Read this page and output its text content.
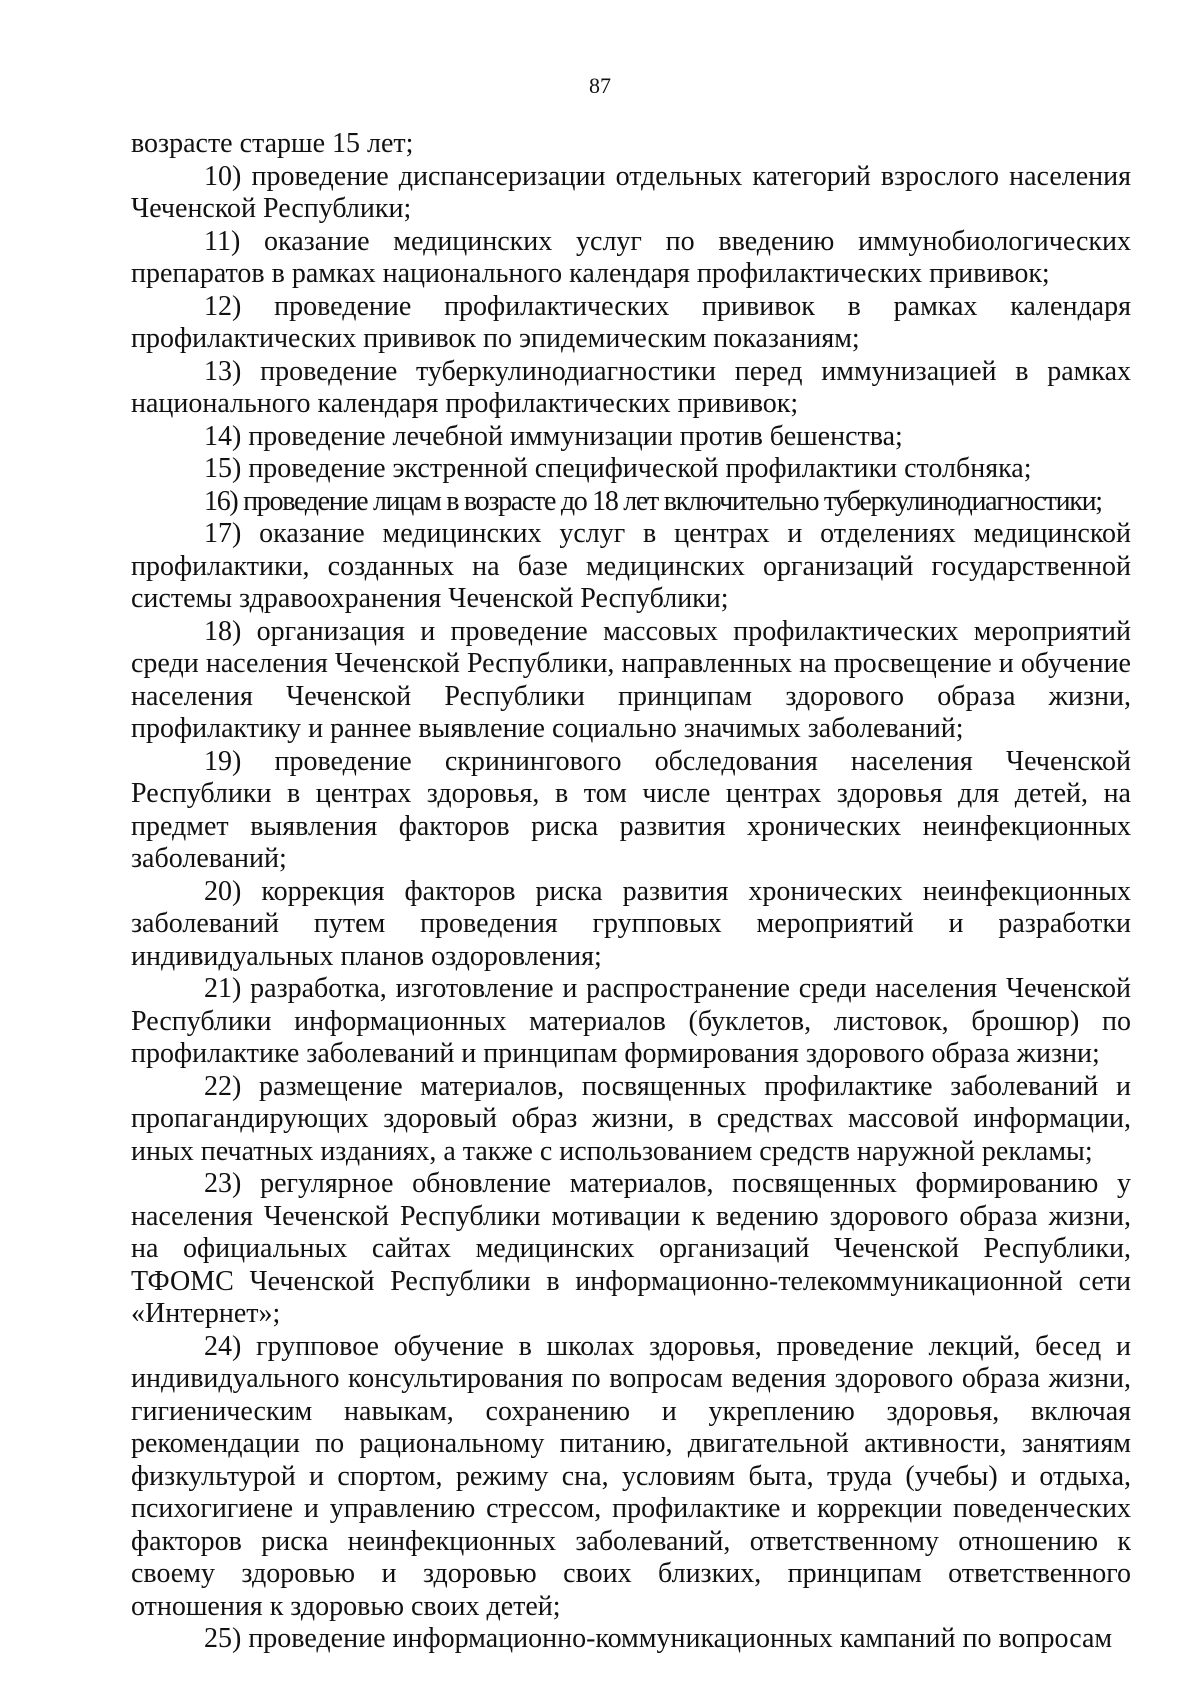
87

возрасте старше 15 лет;

10) проведение диспансеризации отдельных категорий взрослого населения Чеченской Республики;

11) оказание медицинских услуг по введению иммунобиологических препаратов в рамках национального календаря профилактических прививок;

12) проведение профилактических прививок в рамках календаря профилактических прививок по эпидемическим показаниям;

13) проведение туберкулинодиагностики перед иммунизацией в рамках национального календаря профилактических прививок;

14) проведение лечебной иммунизации против бешенства;

15) проведение экстренной специфической профилактики столбняка;

16) проведение лицам в возрасте до 18 лет включительно туберкулинодиагностики;

17) оказание медицинских услуг в центрах и отделениях медицинской профилактики, созданных на базе медицинских организаций государственной системы здравоохранения Чеченской Республики;

18) организация и проведение массовых профилактических мероприятий среди населения Чеченской Республики, направленных на просвещение и обучение населения Чеченской Республики принципам здорового образа жизни, профилактику и раннее выявление социально значимых заболеваний;

19) проведение скринингового обследования населения Чеченской Республики в центрах здоровья, в том числе центрах здоровья для детей, на предмет выявления факторов риска развития хронических неинфекционных заболеваний;

20) коррекция факторов риска развития хронических неинфекционных заболеваний путем проведения групповых мероприятий и разработки индивидуальных планов оздоровления;

21) разработка, изготовление и распространение среди населения Чеченской Республики информационных материалов (буклетов, листовок, брошюр) по профилактике заболеваний и принципам формирования здорового образа жизни;

22) размещение материалов, посвященных профилактике заболеваний и пропагандирующих здоровый образ жизни, в средствах массовой информации, иных печатных изданиях, а также с использованием средств наружной рекламы;

23) регулярное обновление материалов, посвященных формированию у населения Чеченской Республики мотивации к ведению здорового образа жизни, на официальных сайтах медицинских организаций Чеченской Республики, ТФОМС Чеченской Республики в информационно-телекоммуникационной сети «Интернет»;

24) групповое обучение в школах здоровья, проведение лекций, бесед и индивидуального консультирования по вопросам ведения здорового образа жизни, гигиеническим навыкам, сохранению и укреплению здоровья, включая рекомендации по рациональному питанию, двигательной активности, занятиям физкультурой и спортом, режиму сна, условиям быта, труда (учебы) и отдыха, психогигиене и управлению стрессом, профилактике и коррекции поведенческих факторов риска неинфекционных заболеваний, ответственному отношению к своему здоровью и здоровью своих близких, принципам ответственного отношения к здоровью своих детей;

25) проведение информационно-коммуникационных кампаний по вопросам
